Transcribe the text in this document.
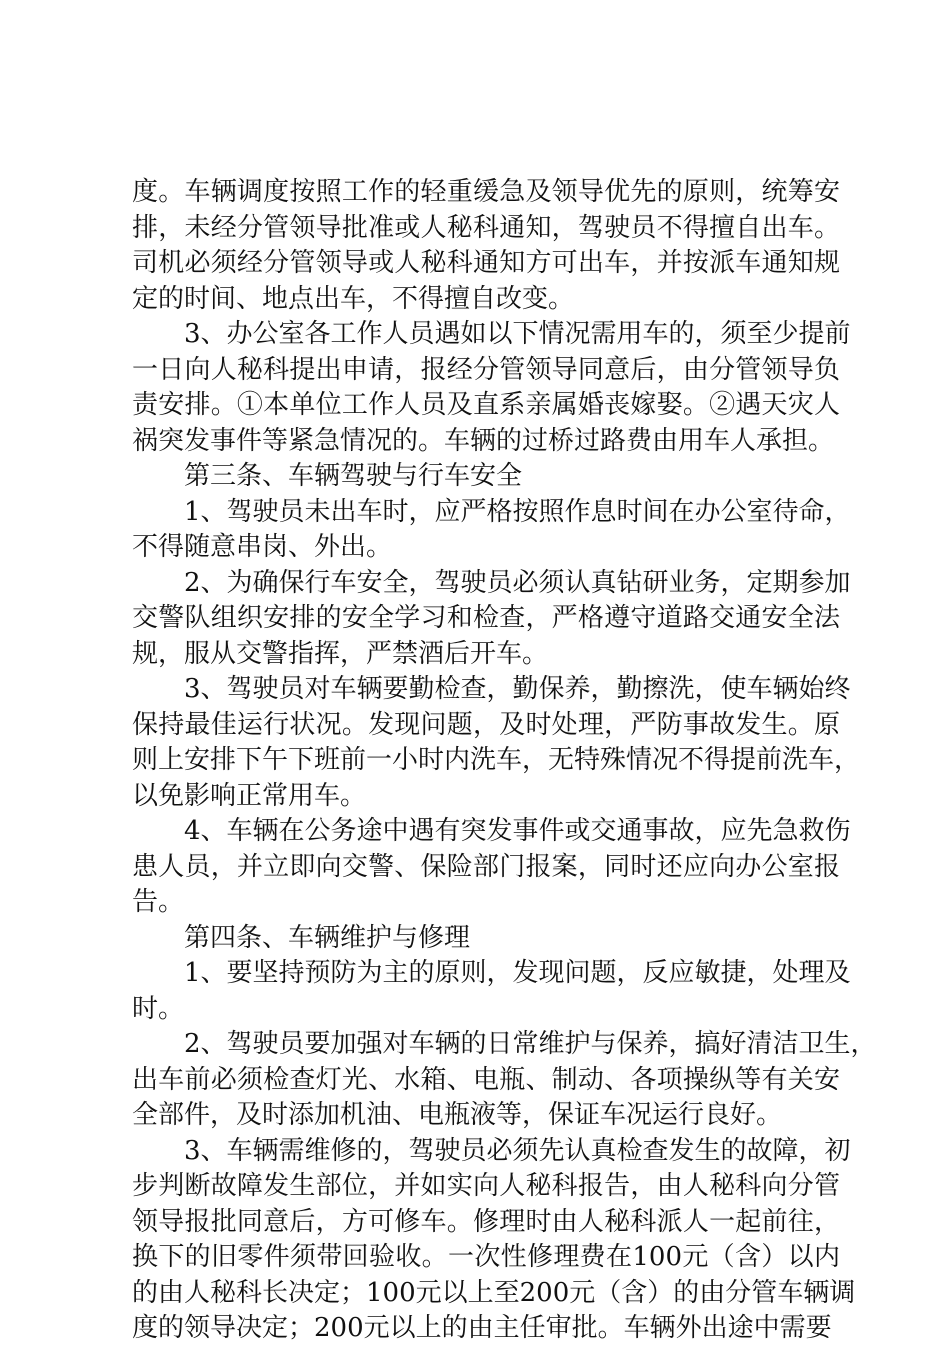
度。车辆调度按照工作的轻重缓急及领导优先的原则，统筹安
排，未经分管领导批准或人秘科通知，驾驶员不得擅自出车。
司机必须经分管领导或人秘科通知方可出车，并按派车通知规
定的时间、地点出车，不得擅自改变。
3、办公室各工作人员遇如以下情况需用车的，须至少提前
一日向人秘科提出申请，报经分管领导同意后，由分管领导负
责安排。①本单位工作人员及直系亲属婚丧嫁娶。②遇天灾人
祸突发事件等紧急情况的。车辆的过桥过路费由用车人承担。
第三条、车辆驾驶与行车安全
1、驾驶员未出车时，应严格按照作息时间在办公室待命，
不得随意串岗、外出。
2、为确保行车安全，驾驶员必须认真钻研业务，定期参加
交警队组织安排的安全学习和检查，严格遵守道路交通安全法
规，服从交警指挥，严禁酒后开车。
3、驾驶员对车辆要勤检查，勤保养，勤擦洗，使车辆始终
保持最佳运行状况。发现问题，及时处理，严防事故发生。原
则上安排下午下班前一小时内洗车，无特殊情况不得提前洗车，
以免影响正常用车。
4、车辆在公务途中遇有突发事件或交通事故，应先急救伤
患人员，并立即向交警、保险部门报案，同时还应向办公室报
告。
第四条、车辆维护与修理
1、要坚持预防为主的原则，发现问题，反应敏捷，处理及
时。
2、驾驶员要加强对车辆的日常维护与保养，搞好清洁卫生，
出车前必须检查灯光、水箱、电瓶、制动、各项操纵等有关安
全部件，及时添加机油、电瓶液等，保证车况运行良好。
3、车辆需维修的，驾驶员必须先认真检查发生的故障，初
步判断故障发生部位，并如实向人秘科报告，由人秘科向分管
领导报批同意后，方可修车。修理时由人秘科派人一起前往，
换下的旧零件须带回验收。一次性修理费在100元（含）以内
的由人秘科长决定；100元以上至200元（含）的由分管车辆调
度的领导决定；200元以上的由主任审批。车辆外出途中需要
